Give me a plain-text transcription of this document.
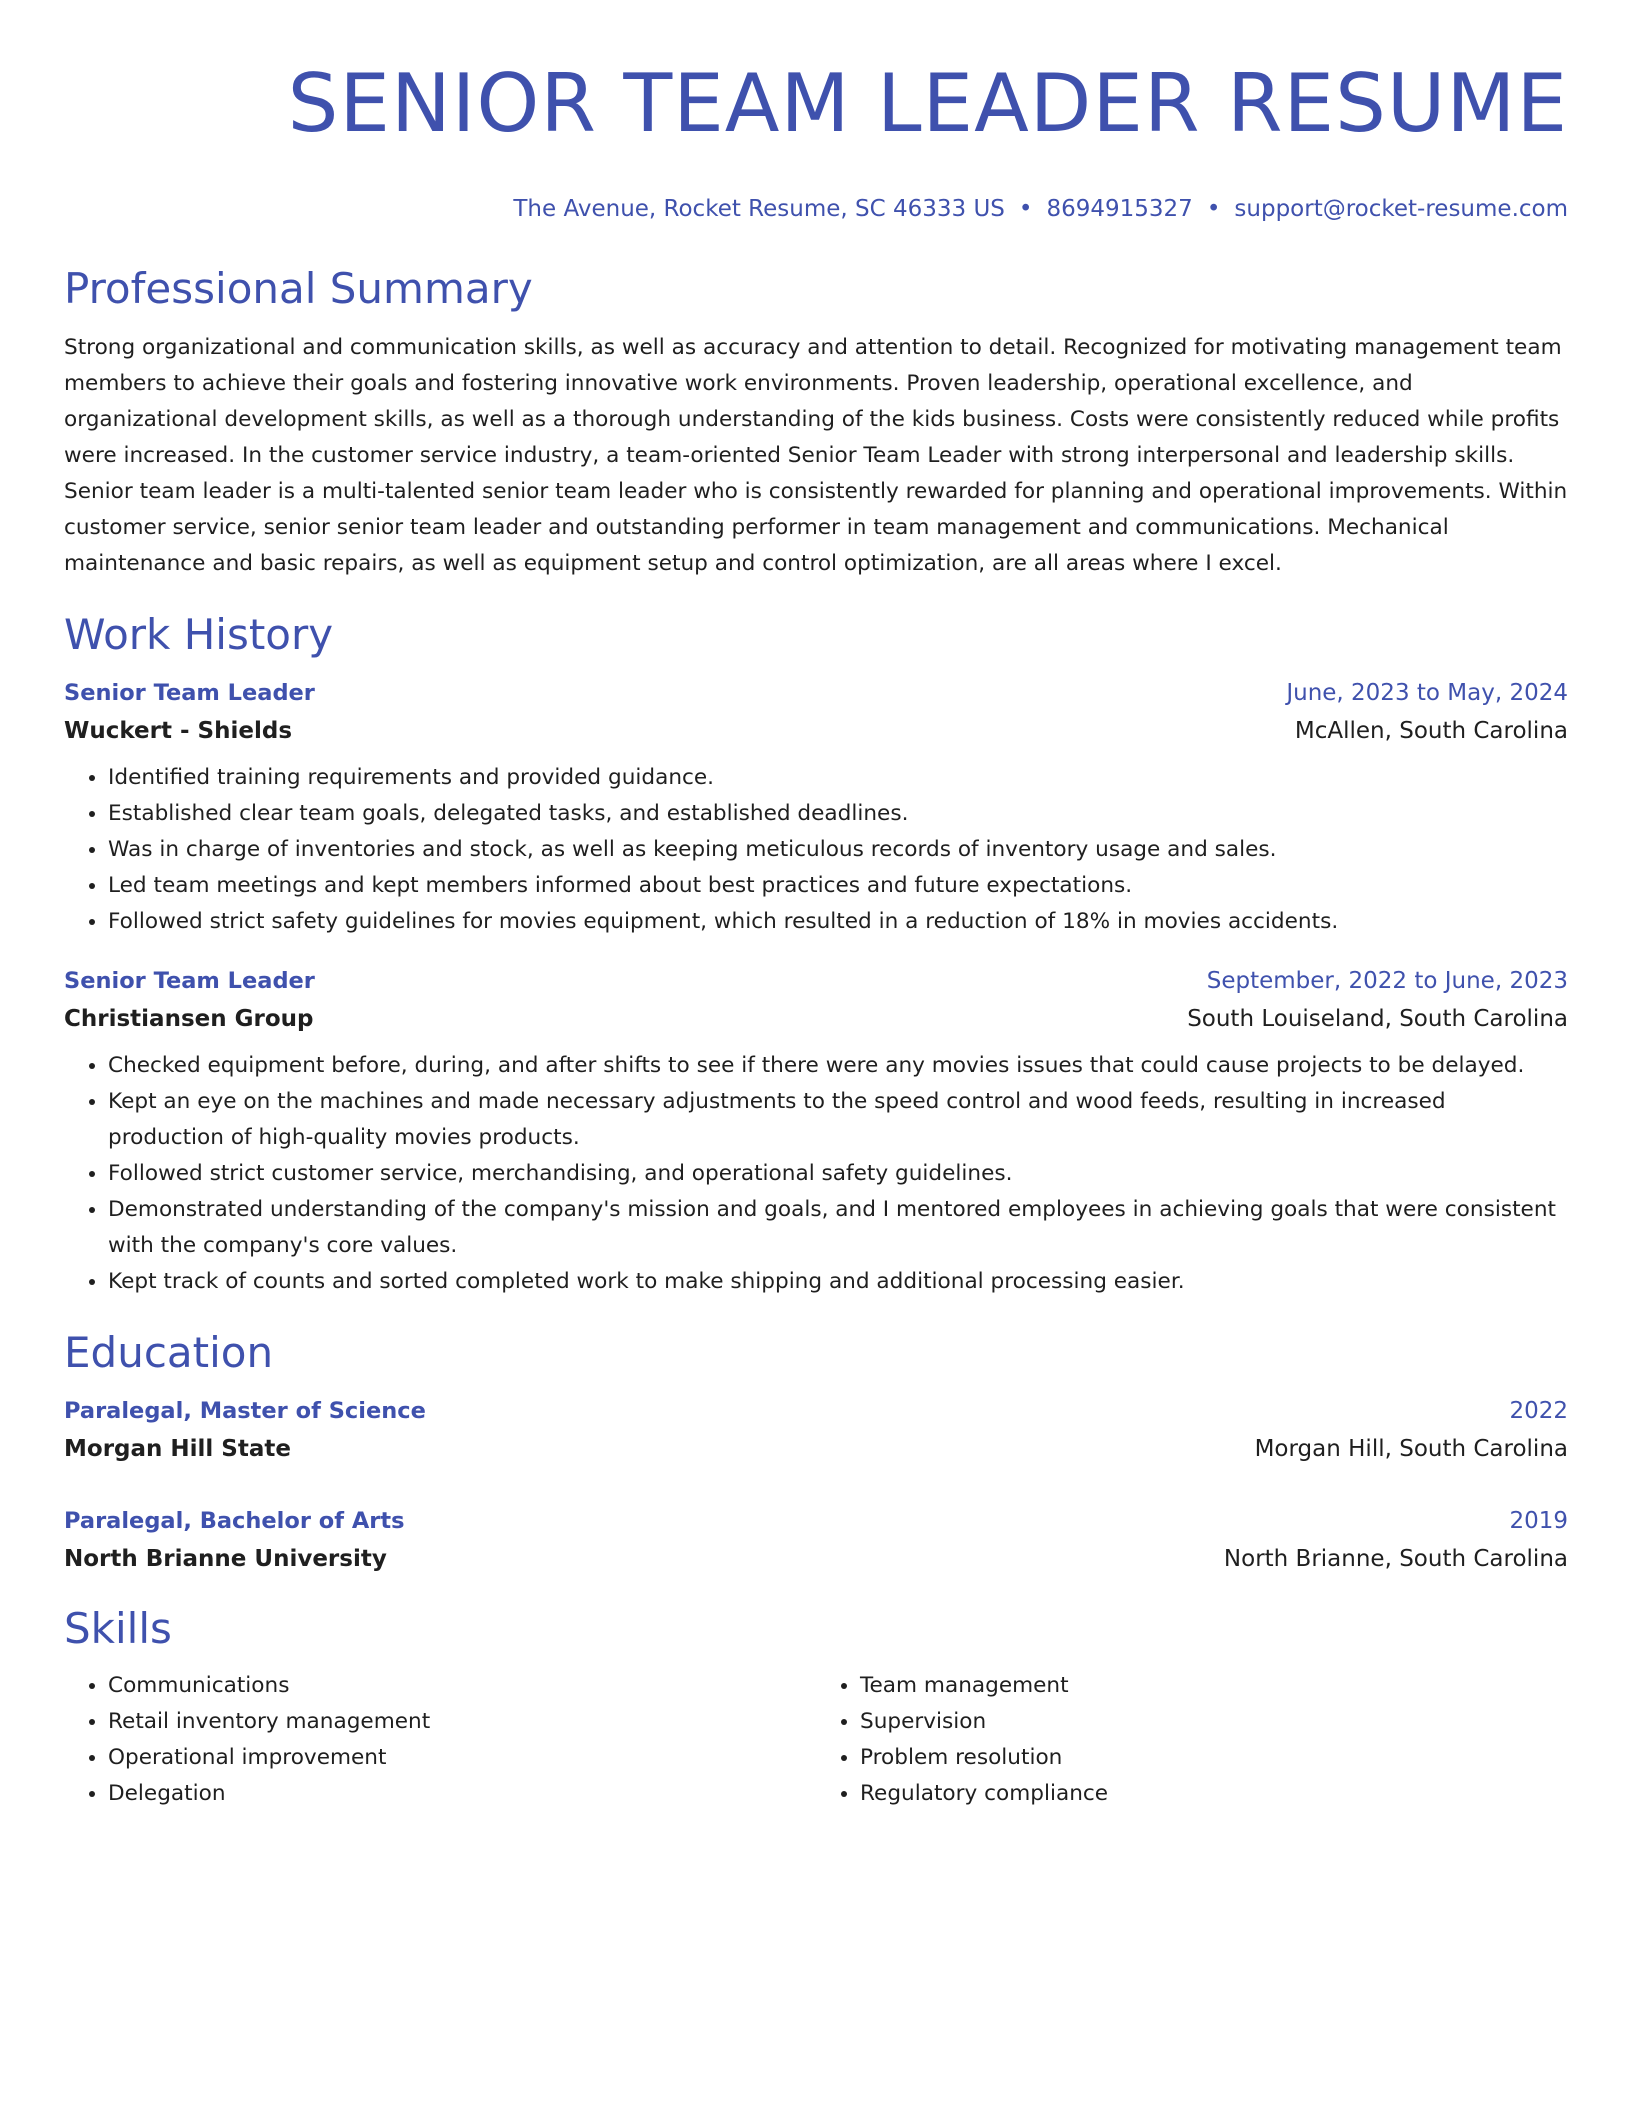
SENIOR TEAM LEADER RESUME
The Avenue, Rocket Resume, SC 46333 US • 8694915327 • support@rocket-resume.com
Professional Summary
Strong organizational and communication skills, as well as accuracy and attention to detail. Recognized for motivating management team members to achieve their goals and fostering innovative work environments. Proven leadership, operational excellence, and organizational development skills, as well as a thorough understanding of the kids business. Costs were consistently reduced while profits were increased. In the customer service industry, a team-oriented Senior Team Leader with strong interpersonal and leadership skills. Senior team leader is a multi-talented senior team leader who is consistently rewarded for planning and operational improvements. Within customer service, senior senior team leader and outstanding performer in team management and communications. Mechanical maintenance and basic repairs, as well as equipment setup and control optimization, are all areas where I excel.
Work History
Senior Team Leader	June, 2023 to May, 2024
Wuckert - Shields	McAllen, South Carolina
• Identified training requirements and provided guidance.
• Established clear team goals, delegated tasks, and established deadlines.
• Was in charge of inventories and stock, as well as keeping meticulous records of inventory usage and sales.
• Led team meetings and kept members informed about best practices and future expectations.
• Followed strict safety guidelines for movies equipment, which resulted in a reduction of 18% in movies accidents.
Senior Team Leader	September, 2022 to June, 2023
Christiansen Group	South Louiseland, South Carolina
• Checked equipment before, during, and after shifts to see if there were any movies issues that could cause projects to be delayed.
• Kept an eye on the machines and made necessary adjustments to the speed control and wood feeds, resulting in increased production of high-quality movies products.
• Followed strict customer service, merchandising, and operational safety guidelines.
• Demonstrated understanding of the company's mission and goals, and I mentored employees in achieving goals that were consistent with the company's core values.
• Kept track of counts and sorted completed work to make shipping and additional processing easier.
Education
Paralegal, Master of Science	2022
Morgan Hill State	Morgan Hill, South Carolina
Paralegal, Bachelor of Arts	2019
North Brianne University	North Brianne, South Carolina
Skills
• Communications
• Retail inventory management
• Operational improvement
• Delegation
• Team management
• Supervision
• Problem resolution
• Regulatory compliance
